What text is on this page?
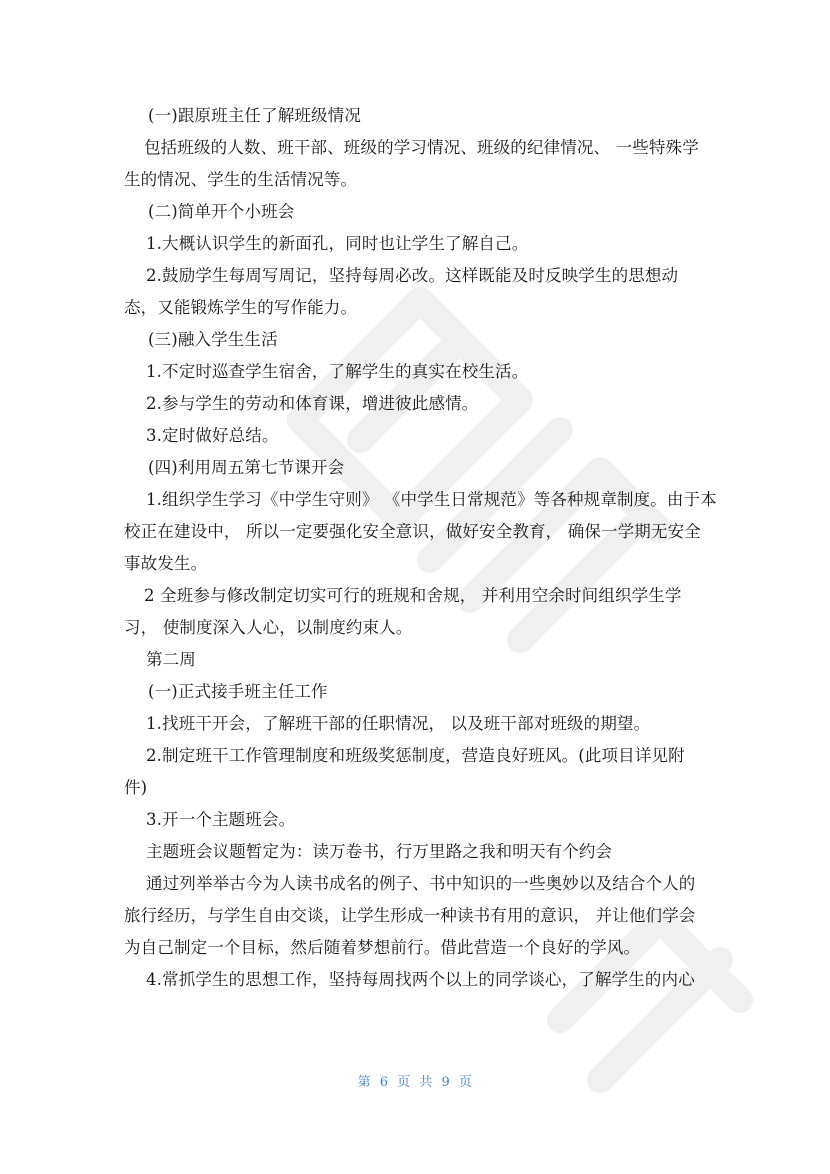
(一)跟原班主任了解班级情况
包括班级的人数、班干部、班级的学习情况、班级的纪律情况、 一些特殊学
生的情况、学生的生活情况等。
(二)简单开个小班会
1.大概认识学生的新面孔，同时也让学生了解自己。
2.鼓励学生每周写周记，坚持每周必改。这样既能及时反映学生的思想动
态，又能锻炼学生的写作能力。
(三)融入学生生活
1.不定时巡查学生宿舍，了解学生的真实在校生活。
2.参与学生的劳动和体育课，增进彼此感情。
3.定时做好总结。
(四)利用周五第七节课开会
1.组织学生学习《中学生守则》 《中学生日常规范》等各种规章制度。由于本
校正在建设中， 所以一定要强化安全意识，做好安全教育， 确保一学期无安全
事故发生。
2 全班参与修改制定切实可行的班规和舍规， 并利用空余时间组织学生学
习， 使制度深入人心，以制度约束人。
第二周
(一)正式接手班主任工作
1.找班干开会，了解班干部的任职情况， 以及班干部对班级的期望。
2.制定班干工作管理制度和班级奖惩制度，营造良好班风。(此项目详见附
件)
3.开一个主题班会。
主题班会议题暂定为：读万卷书，行万里路之我和明天有个约会
通过列举举古今为人读书成名的例子、书中知识的一些奥妙以及结合个人的
旅行经历，与学生自由交谈，让学生形成一种读书有用的意识， 并让他们学会
为自己制定一个目标，然后随着梦想前行。借此营造一个良好的学风。
4.常抓学生的思想工作，坚持每周找两个以上的同学谈心，了解学生的内心
第 6 页 共 9 页
